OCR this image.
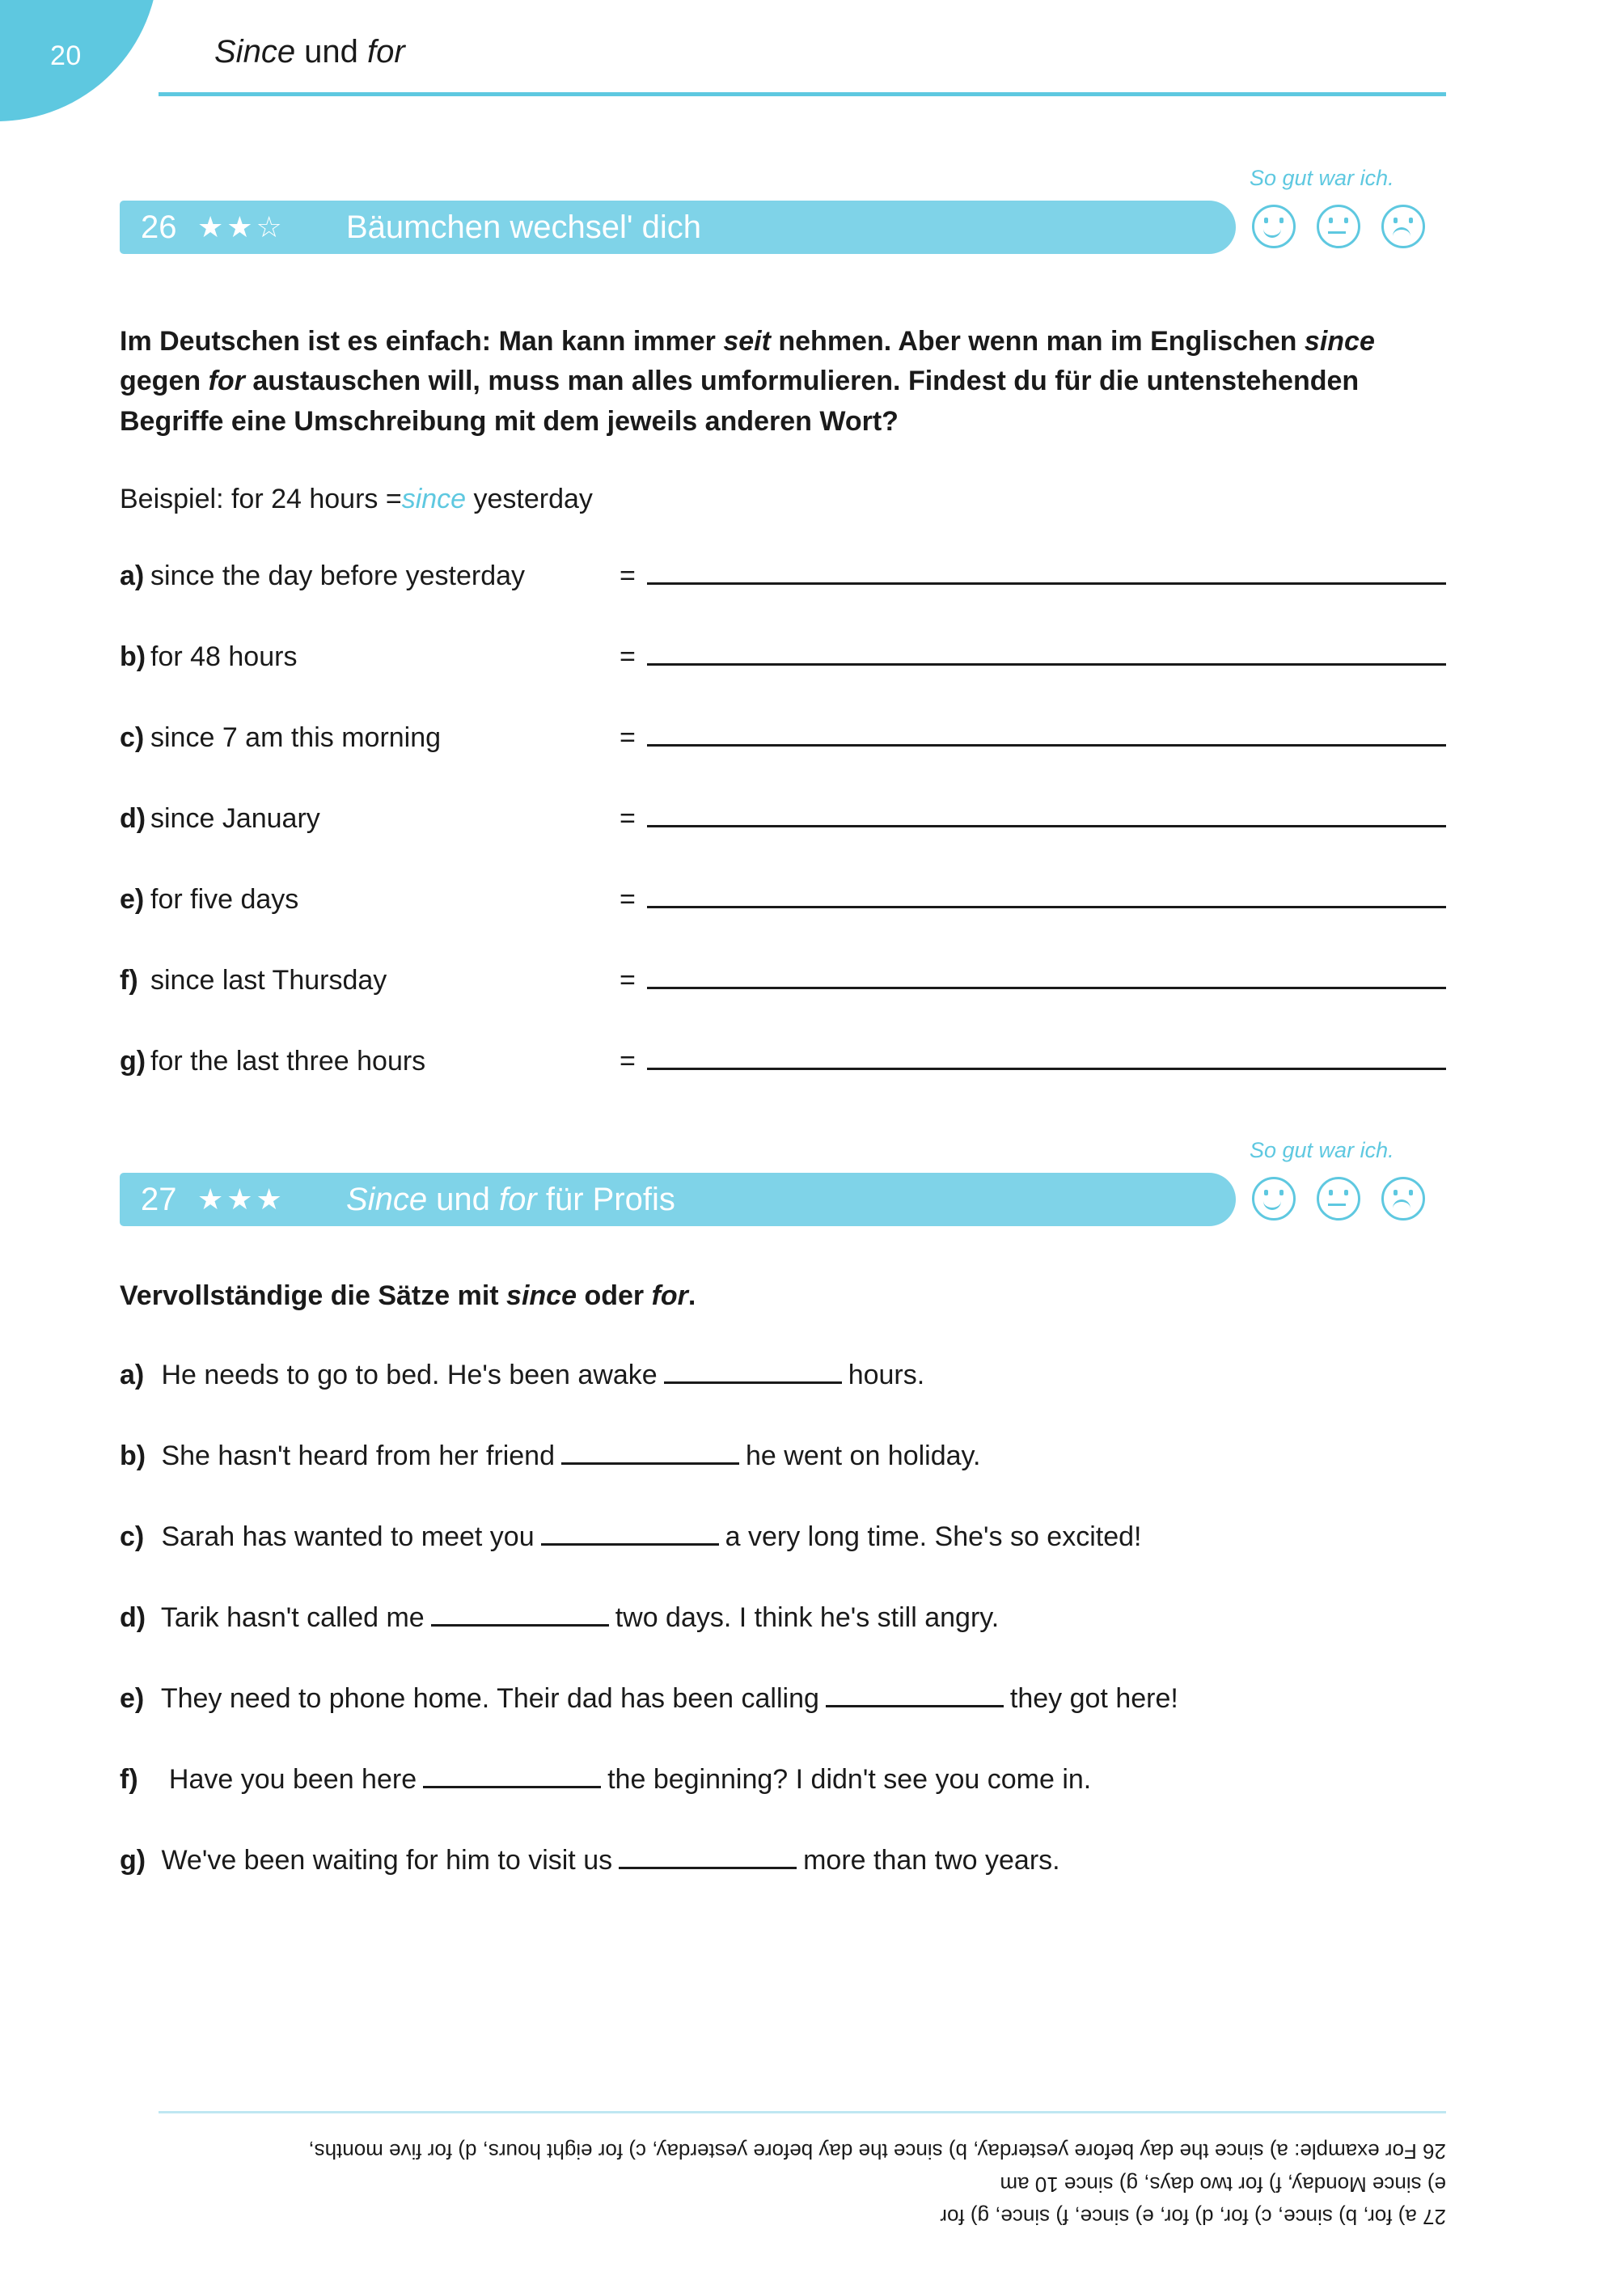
20	Since und for
So gut war ich.
26 ★★☆	Bäumchen wechsel' dich
Im Deutschen ist es einfach: Man kann immer seit nehmen. Aber wenn man im Englischen since gegen for austauschen will, muss man alles umformulieren. Findest du für die untenstehenden Begriffe eine Umschreibung mit dem jeweils anderen Wort?
Beispiel: for 24 hours =since yesterday
a) since the day before yesterday	=
b) for 48 hours	=
c) since 7 am this morning	=
d) since January	=
e) for five days	=
f) since last Thursday	=
g) for the last three hours	=
So gut war ich.
27 ★★★	Since und for für Profis
Vervollständige die Sätze mit since oder for.
a) He needs to go to bed. He's been awake	hours.
b) She hasn't heard from her friend	he went on holiday.
c) Sarah has wanted to meet you	a very long time. She's so excited!
d) Tarik hasn't called me	two days. I think he's still angry.
e) They need to phone home. Their dad has been calling	they got here!
f) Have you been here	the beginning? I didn't see you come in.
g) We've been waiting for him to visit us	more than two years.
27 a) for, b) since, c) for, d) for, e) since, f) since, g) for
e) since Monday, f) for two days, g) since 10 am
26 For example: a) since the day before yesterday, b) since the day before yesterday, c) for eight hours, d) for five months,
